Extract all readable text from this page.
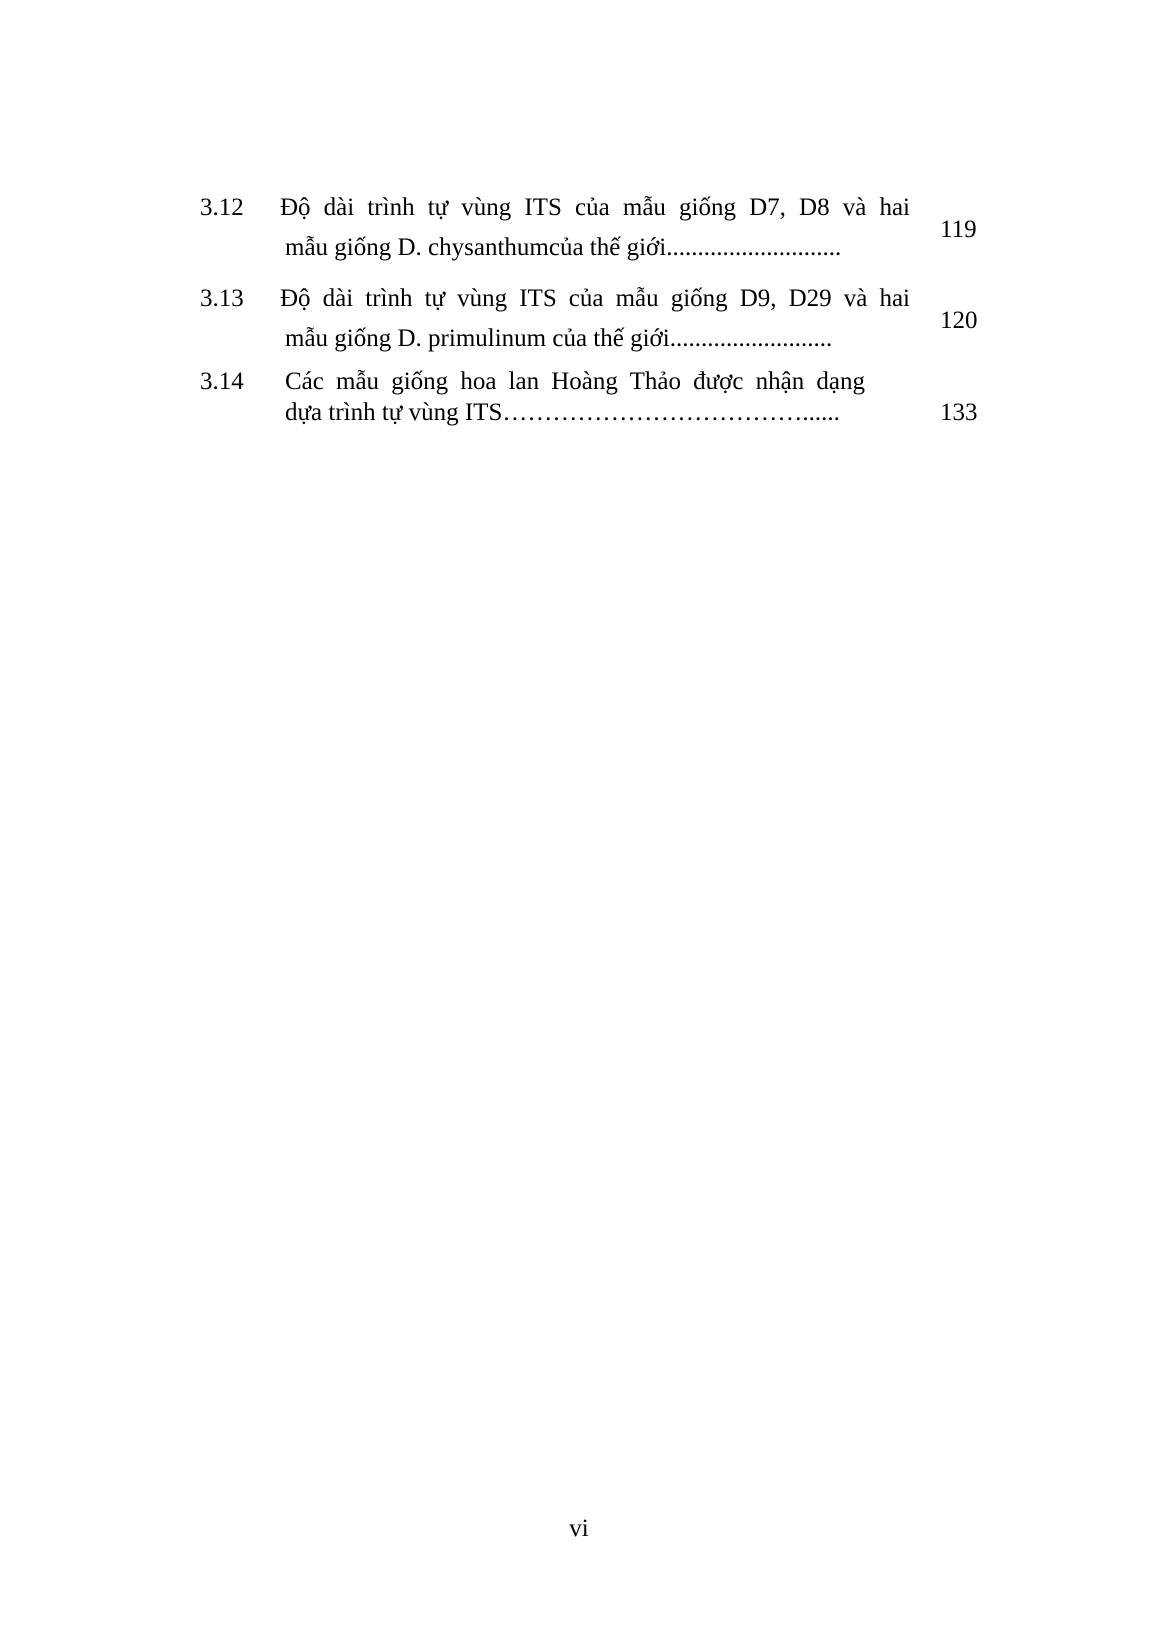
3.12 Độ dài trình tự vùng ITS của mẫu giống D7, D8 và hai
mẫu giống D. chysanthumcủa thế giới............................
119
3.13 Độ dài trình tự vùng ITS của mẫu giống D9, D29 và hai
mẫu giống D. primulinum của thế giới..........................
120
3.14 Các mẫu giống hoa lan Hoàng Thảo được nhận dạng
dựa trình tự vùng ITS………………………………......	133
vi
